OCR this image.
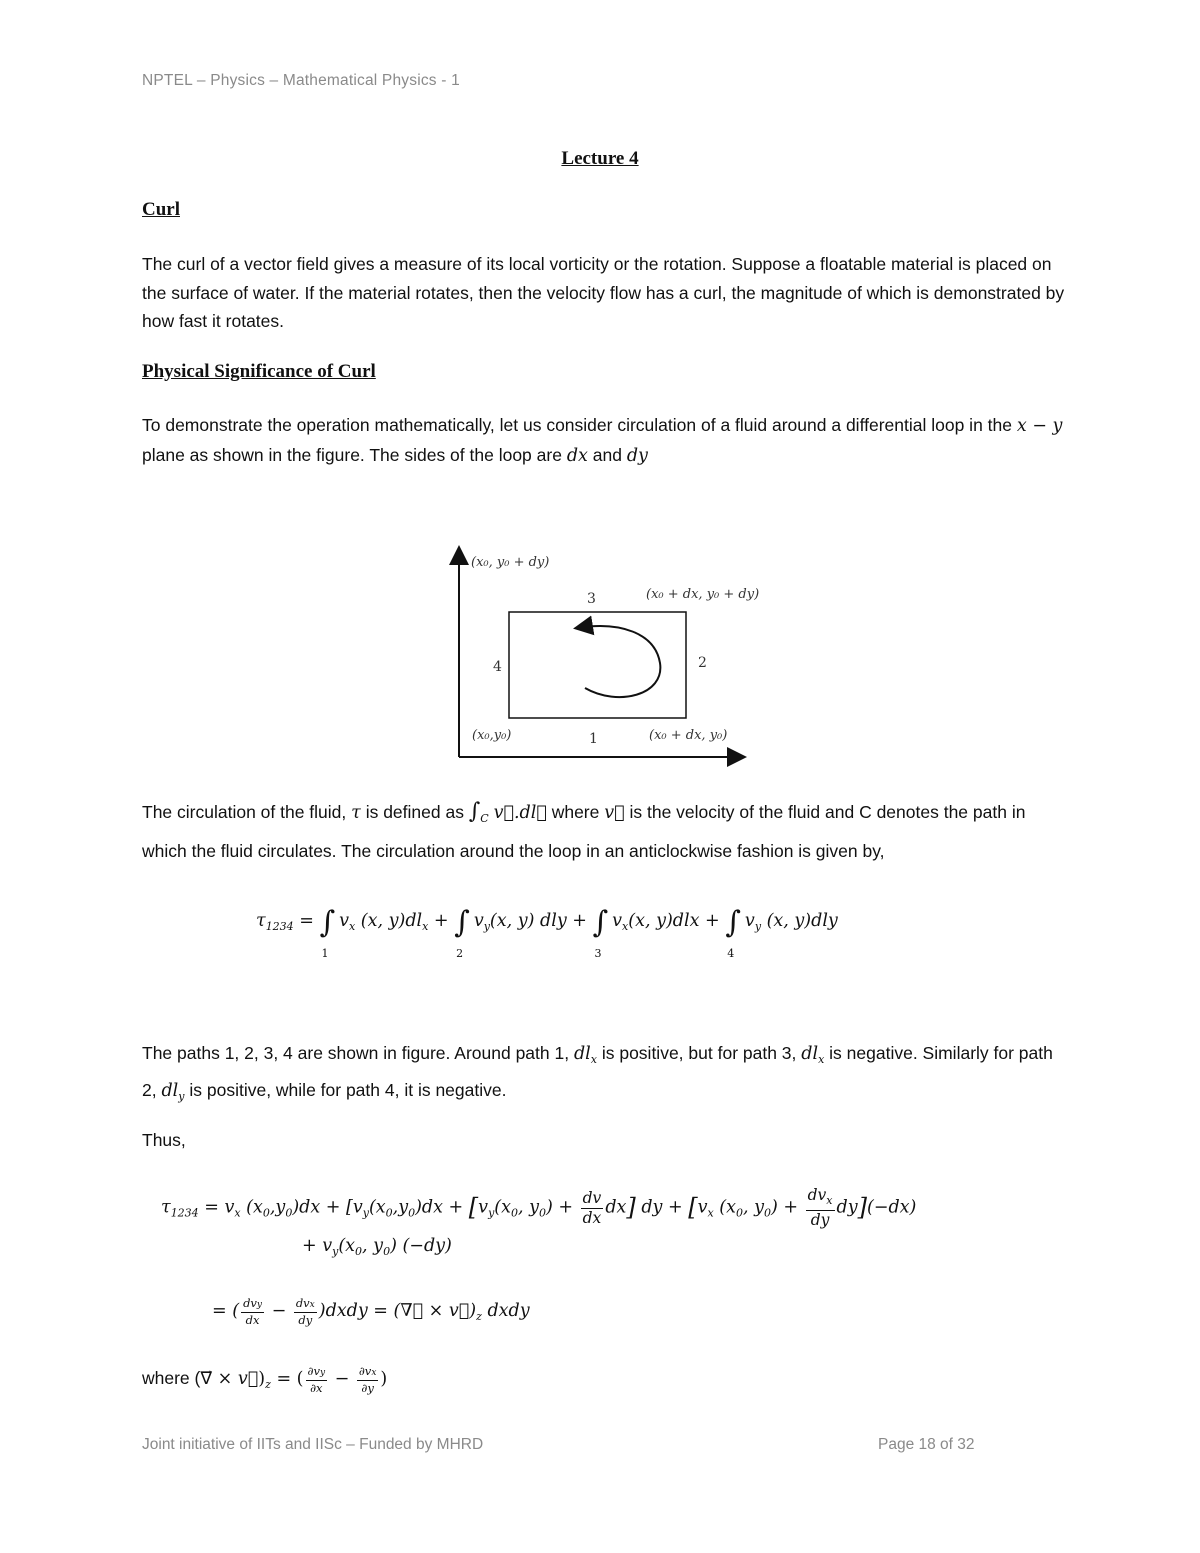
NPTEL – Physics – Mathematical Physics - 1
Lecture 4
Curl
The curl of a vector field gives a measure of its local vorticity or the rotation. Suppose a floatable material is placed on the surface of water. If the material rotates, then the velocity flow has a curl, the magnitude of which is demonstrated by how fast it rotates.
Physical Significance of Curl
To demonstrate the operation mathematically, let us consider circulation of a fluid around a differential loop in the x − y plane as shown in the figure. The sides of the loop are dx and dy
(x₀, y₀ + dy)
(x₀ + dx, y₀ + dy)
(x₀,y₀)	(x₀ + dx, y₀)
1
2
3
4
The circulation of the fluid, τ is defined as $\int_C$ v⃗.dl⃗ where v⃗ is the velocity of the fluid and C denotes the path in which the fluid circulates. The circulation around the loop in an anticlockwise fashion is given by,
$\tau_{1234}$ = ∫
1
$v_x$ (x, $y)dl_x$ + ∫
2
$v_y(x$, y) dly + ∫
3
$v_x(x$, y)dlx + ∫
4
$v_y$ (x, y)dly
The paths 1, 2, 3, 4 are shown in figure. Around path 1, $dl_x$ is positive, but for path 3, $dl_x$ is negative. Similarly for path 2, $dl_y$ is positive, while for path 4, it is negative.
Thus,
$\tau_{1234} = v_x$ $(x_0,y_0)dx + [v_y(x_0,y_0)dx + [v_y(x_0$, $y_0) + \frac{dv}{dx} dx$] dy + [$v_x$ ($x_0$, $y_0) + \frac{dv_x}{dy} dy](-dx)$
+ $v_y(x_0$, $y_0$) (−dy)
= ( $\frac{\text{dvy}}{dx} - \frac{\text{dvx}}{dy}$ )dxdy = (∇⃗ × $v⃗)_z$ dxdy
where (∇⃗ × $v⃗)_z$ = ( $\frac{\partial vy}{\partial x} - \frac{\partial vx}{\partial y}$ )
Joint initiative of IITs and IISc – Funded by MHRD	Page 18 of 32
